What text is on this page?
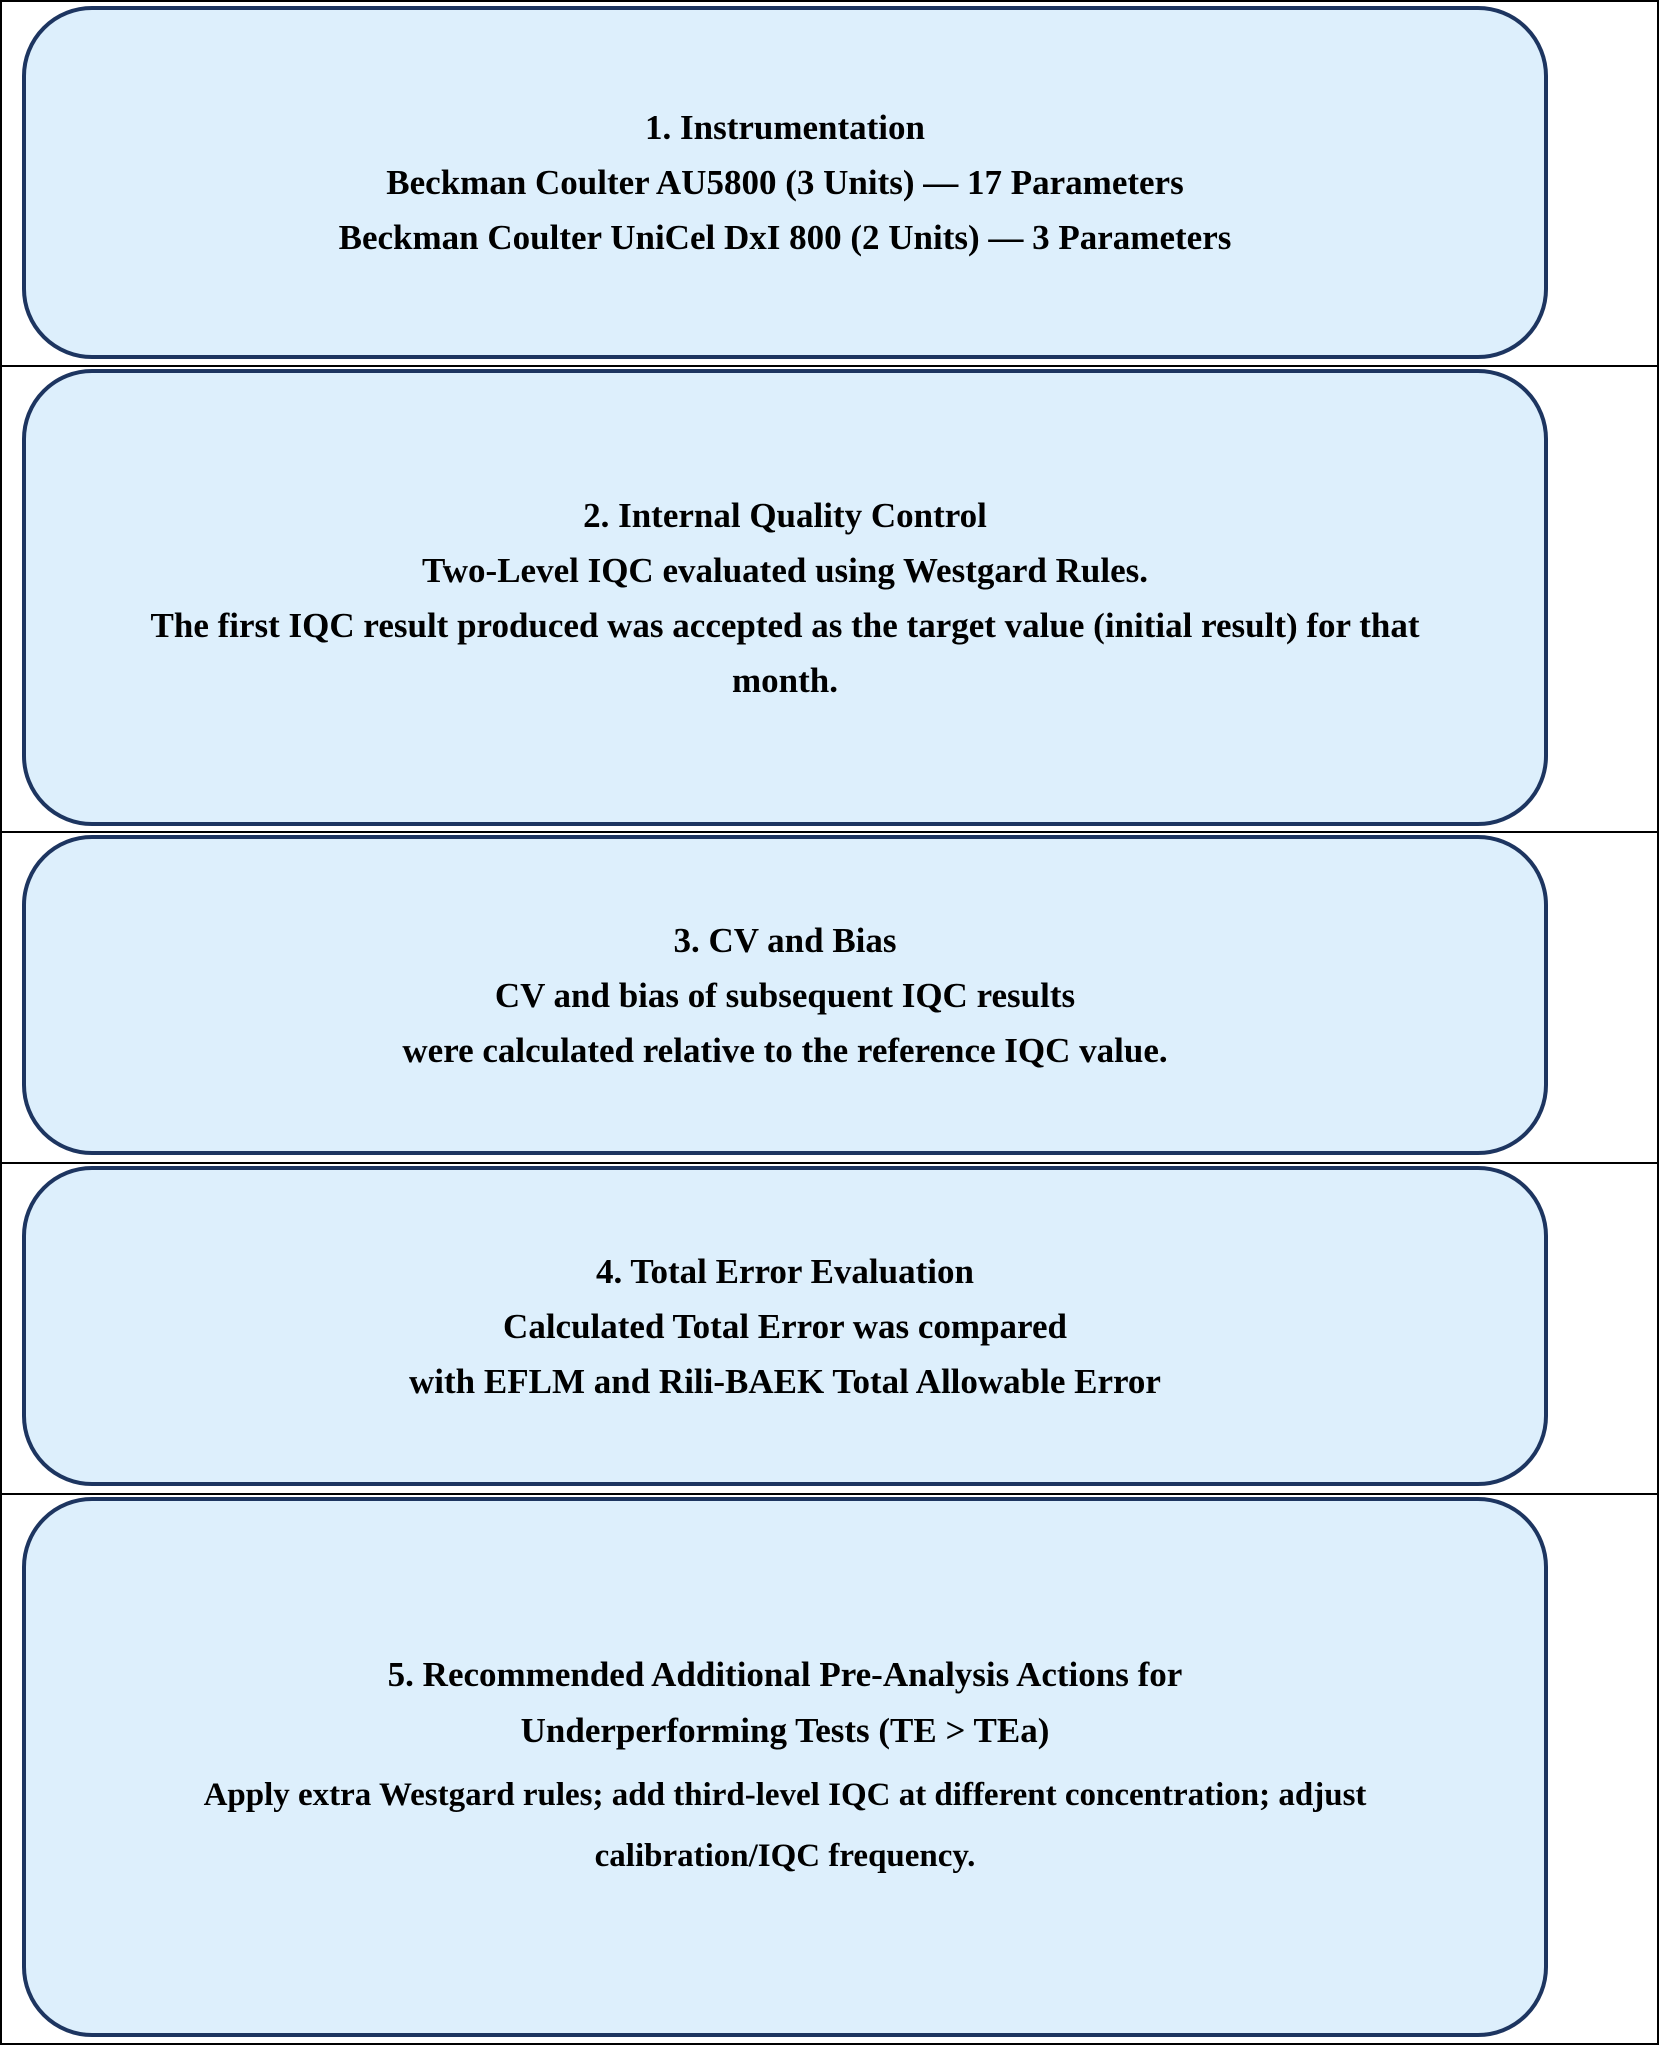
1. Instrumentation
Beckman Coulter AU5800 (3 Units) — 17 Parameters
Beckman Coulter UniCel DxI 800 (2 Units) — 3 Parameters
2. Internal Quality Control
Two-Level IQC evaluated using Westgard Rules.
The first IQC result produced was accepted as the target value (initial result) for that month.
3. CV and Bias
CV and bias of subsequent IQC results
were calculated relative to the reference IQC value.
4. Total Error Evaluation
Calculated Total Error was compared
with EFLM and Rili-BAEK Total Allowable Error
5. Recommended Additional Pre-Analysis Actions for
Underperforming Tests (TE > TEa)
Apply extra Westgard rules; add third-level IQC at different concentration; adjust calibration/IQC frequency.
